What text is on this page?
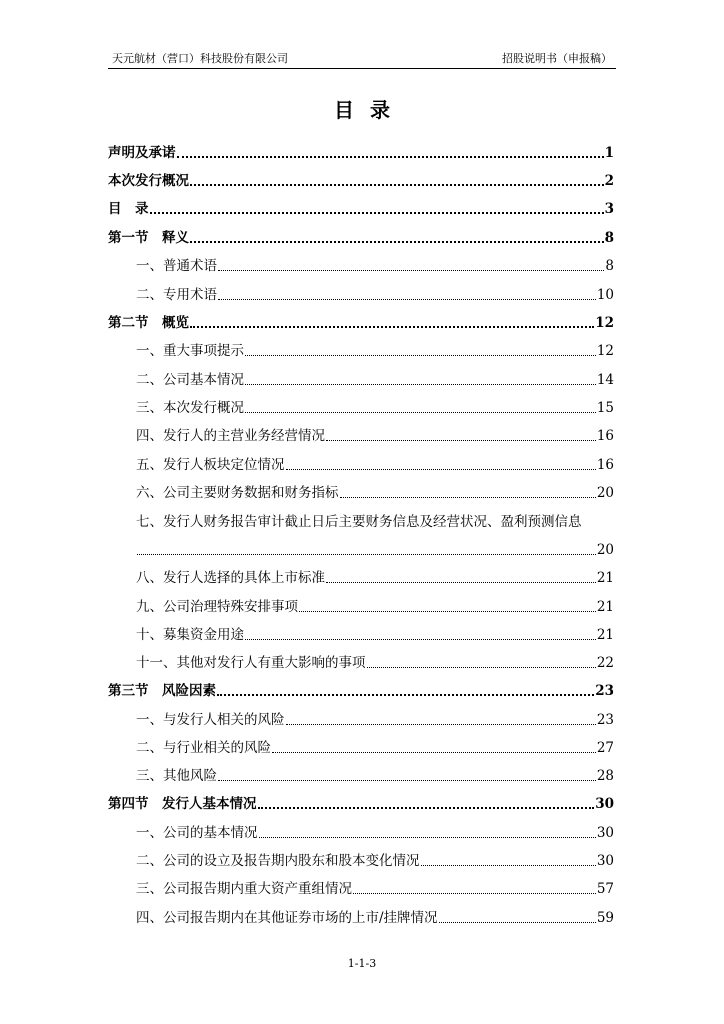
天元航材（营口）科技股份有限公司	招股说明书（申报稿）
目录
声明及承诺	1
本次发行概况	2
目　录	3
第一节　释义	8
一、普通术语	8
二、专用术语	10
第二节　概览	12
一、重大事项提示	12
二、公司基本情况	14
三、本次发行概况	15
四、发行人的主营业务经营情况	16
五、发行人板块定位情况	16
六、公司主要财务数据和财务指标	20
七、发行人财务报告审计截止日后主要财务信息及经营状况、盈利预测信息
20
八、发行人选择的具体上市标准	21
九、公司治理特殊安排事项	21
十、募集资金用途	21
十一、其他对发行人有重大影响的事项	22
第三节　风险因素	23
一、与发行人相关的风险	23
二、与行业相关的风险	27
三、其他风险	28
第四节　发行人基本情况	30
一、公司的基本情况	30
二、公司的设立及报告期内股东和股本变化情况	30
三、公司报告期内重大资产重组情况	57
四、公司报告期内在其他证券市场的上市/挂牌情况	59
1-1-3
